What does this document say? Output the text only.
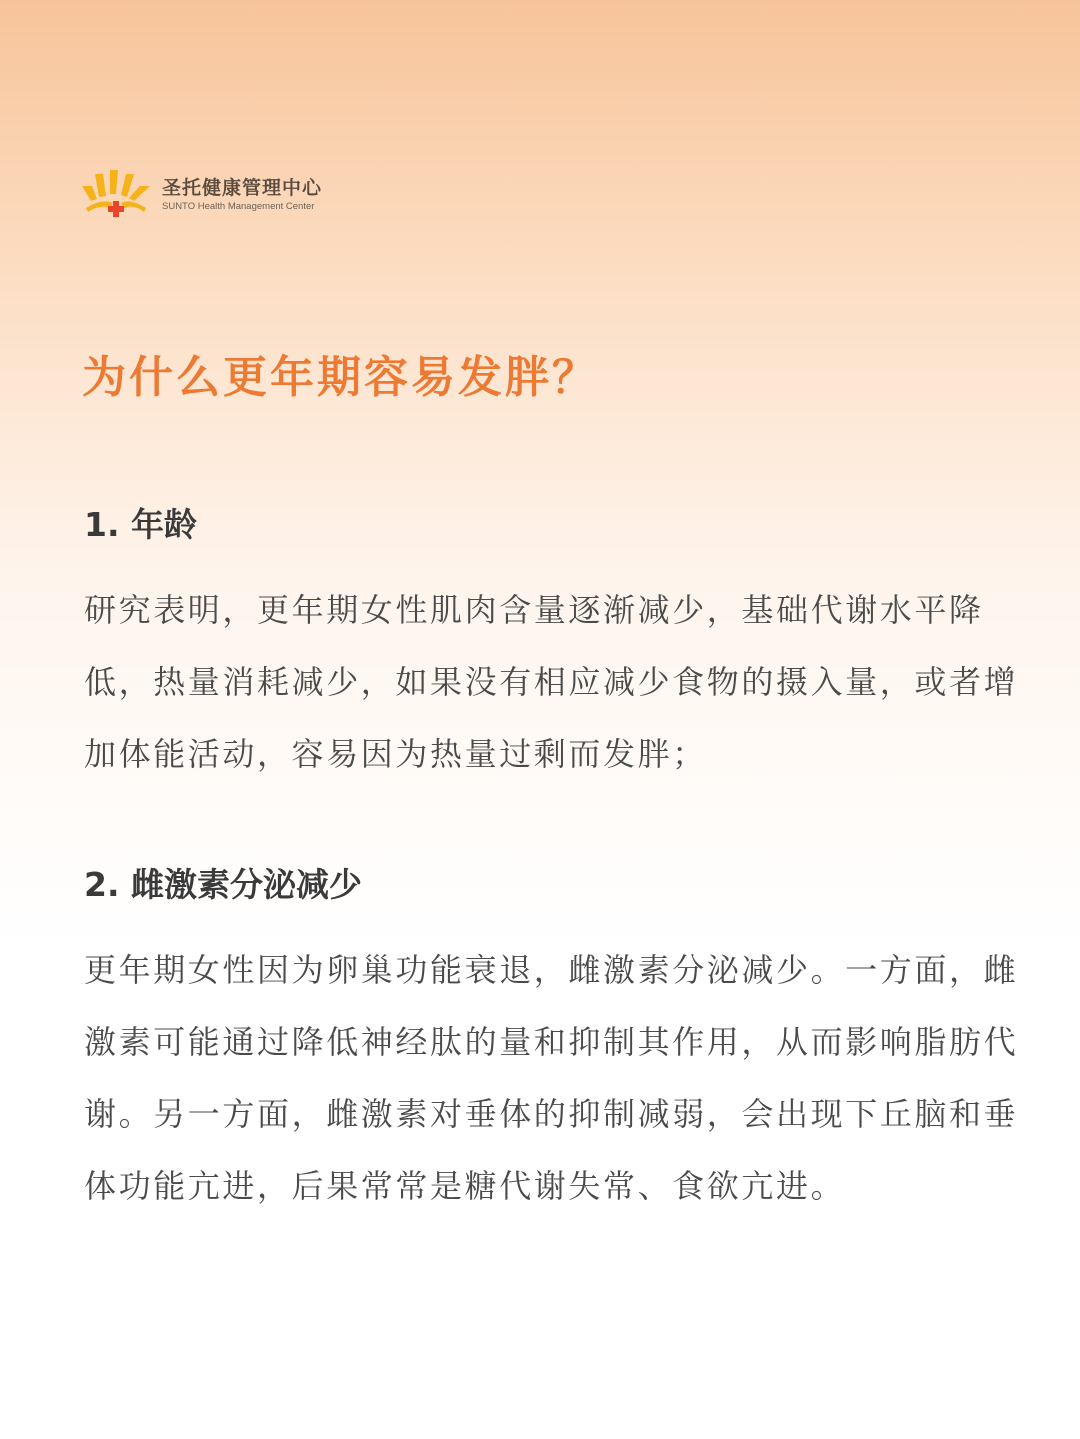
圣托健康管理中心
SUNTO Health Management Center
为什么更年期容易发胖？
1. 年龄

研究表明，更年期女性肌肉含量逐渐减少，基础代谢水平降低，热量消耗减少，如果没有相应减少食物的摄入量，或者增加体能活动，容易因为热量过剩而发胖；

2. 雌激素分泌减少

更年期女性因为卵巢功能衰退，雌激素分泌减少。一方面，雌激素可能通过降低神经肽的量和抑制其作用，从而影响脂肪代谢。另一方面，雌激素对垂体的抑制减弱，会出现下丘脑和垂体功能亢进，后果常常是糖代谢失常、食欲亢进。
